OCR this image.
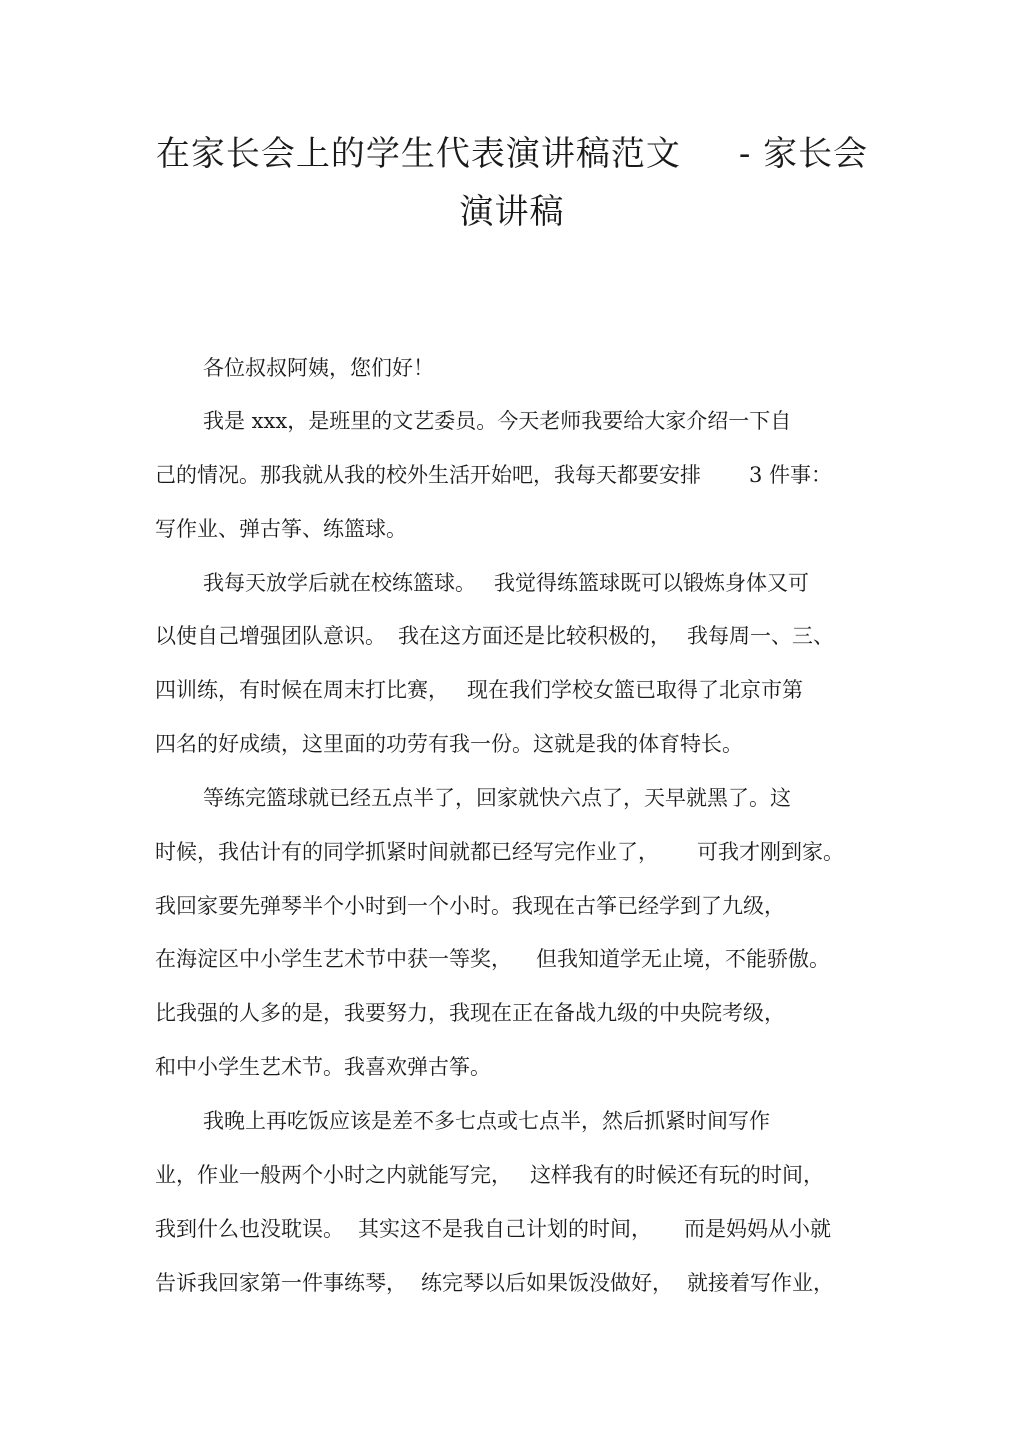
在家长会上的学生代表演讲稿范文 - 家长会
演讲稿
各位叔叔阿姨，您们好！
我是 xxx，是班里的文艺委员。今天老师我要给大家介绍一下自
己的情况。那我就从我的校外生活开始吧，我每天都要安排 3 件事：
写作业、弹古筝、练篮球。
我每天放学后就在校练篮球。 我觉得练篮球既可以锻炼身体又可
以使自己增强团队意识。 我在这方面还是比较积极的， 我每周一、三、
四训练，有时候在周末打比赛， 现在我们学校女篮已取得了北京市第
四名的好成绩，这里面的功劳有我一份。这就是我的体育特长。
等练完篮球就已经五点半了，回家就快六点了，天早就黑了。这
时候，我估计有的同学抓紧时间就都已经写完作业了， 可我才刚到家。
我回家要先弹琴半个小时到一个小时。我现在古筝已经学到了九级，
在海淀区中小学生艺术节中获一等奖， 但我知道学无止境，不能骄傲。
比我强的人多的是，我要努力，我现在正在备战九级的中央院考级，
和中小学生艺术节。我喜欢弹古筝。
我晚上再吃饭应该是差不多七点或七点半，然后抓紧时间写作
业，作业一般两个小时之内就能写完， 这样我有的时候还有玩的时间，
我到什么也没耽误。 其实这不是我自己计划的时间， 而是妈妈从小就
告诉我回家第一件事练琴， 练完琴以后如果饭没做好， 就接着写作业，
